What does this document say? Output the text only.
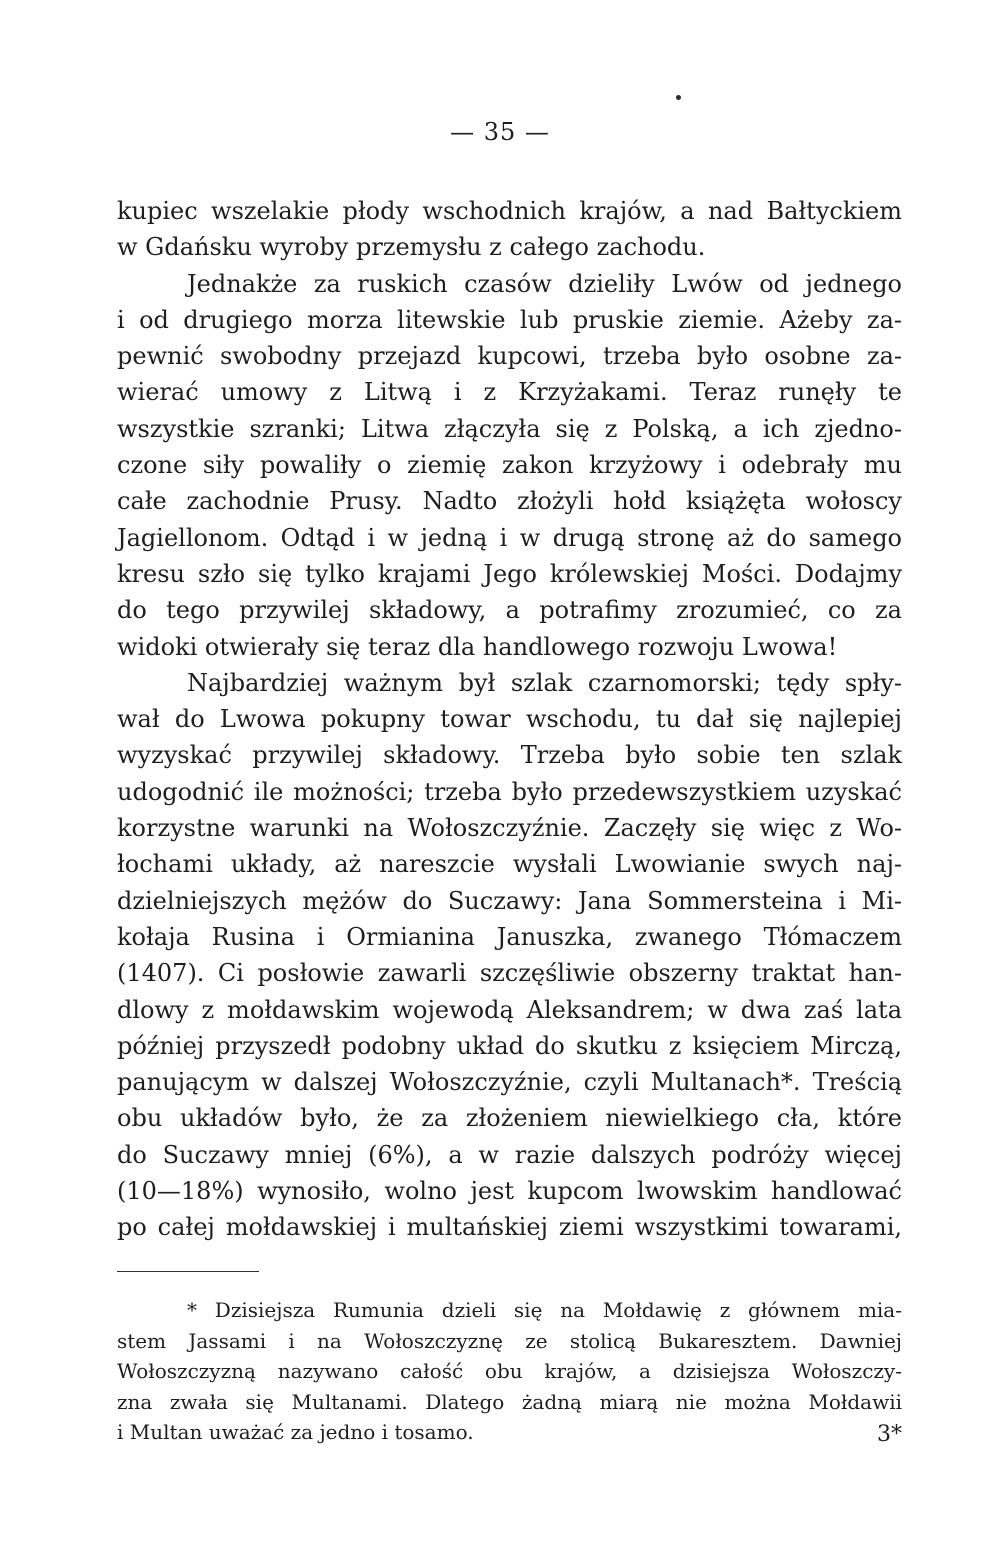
— 35 —
kupiec wszelakie płody wschodnich krajów, a nad Bałtyckiem
w Gdańsku wyroby przemysłu z całego zachodu.
Jednakże za ruskich czasów dzieliły Lwów od jednego
i od drugiego morza litewskie lub pruskie ziemie. Ażeby za-
pewnić swobodny przejazd kupcowi, trzeba było osobne za-
wierać umowy z Litwą i z Krzyżakami. Teraz runęły te
wszystkie szranki; Litwa złączyła się z Polską, a ich zjedno-
czone siły powaliły o ziemię zakon krzyżowy i odebrały mu
całe zachodnie Prusy. Nadto złożyli hołd książęta wołoscy
Jagiellonom. Odtąd i w jedną i w drugą stronę aż do samego
kresu szło się tylko krajami Jego królewskiej Mości. Dodajmy
do tego przywilej składowy, a potrafimy zrozumieć, co za
widoki otwierały się teraz dla handlowego rozwoju Lwowa!
Najbardziej ważnym był szlak czarnomorski; tędy spły-
wał do Lwowa pokupny towar wschodu, tu dał się najlepiej
wyzyskać przywilej składowy. Trzeba było sobie ten szlak
udogodnić ile możności; trzeba było przedewszystkiem uzyskać
korzystne warunki na Wołoszczyźnie. Zaczęły się więc z Wo-
łochami układy, aż nareszcie wysłali Lwowianie swych naj-
dzielniejszych mężów do Suczawy: Jana Sommersteina i Mi-
kołaja Rusina i Ormianina Januszka, zwanego Tłómaczem
(1407). Ci posłowie zawarli szczęśliwie obszerny traktat han-
dlowy z mołdawskim wojewodą Aleksandrem; w dwa zaś lata
później przyszedł podobny układ do skutku z księciem Mirczą,
panującym w dalszej Wołoszczyźnie, czyli Multanach*. Treścią
obu układów było, że za złożeniem niewielkiego cła, które
do Suczawy mniej (6%), a w razie dalszych podróży więcej
(10—18%) wynosiło, wolno jest kupcom lwowskim handlować
po całej mołdawskiej i multańskiej ziemi wszystkimi towarami,
* Dzisiejsza Rumunia dzieli się na Mołdawię z głównem mia-
stem Jassami i na Wołoszczyznę ze stolicą Bukaresztem. Dawniej
Wołoszczyzną nazywano całość obu krajów, a dzisiejsza Wołoszczy-
zna zwała się Multanami. Dlatego żadną miarą nie można Mołdawii
i Multan uważać za jedno i tosamo.	3*
